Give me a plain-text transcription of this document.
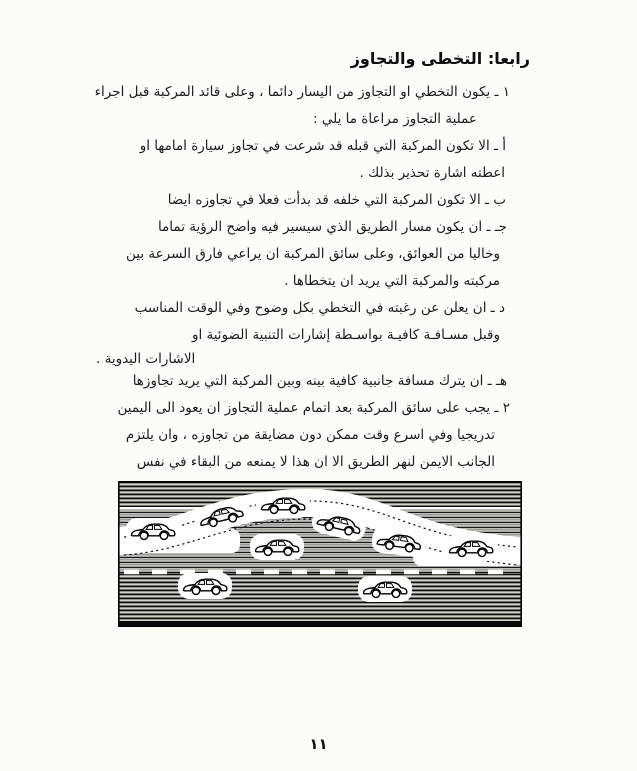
رابعا: التخطى والتجاوز
١ ـ يكون التخطي او التجاوز من اليسار دائما ، وعلى قائد المركبة قبل اجراء
عملية التجاوز مراعاة ما يلي :
أ ـ الا تكون المركبة التي قبله قد شرعت في تجاوز سيارة امامها او
اعطته اشارة تحذير بذلك .
ب ـ الا تكون المركبة التي خلفه قد بدأت فعلا في تجاوزه ايضا
جـ ـ ان يكون مسار الطريق الذي سيسير فيه واضح الرؤية تماما
وخاليا من العوائق، وعلى سائق المركبة ان يراعي فارق السرعة بين
مركبته والمركبة التي يريد ان يتخطاها .
د ـ ان يعلن عن رغبته في التخطي بكل وضوح وفي الوقت المناسب
وقبل مسـافـة كافيـة بواسـطة إشارات التنبية الضوئية او
الاشارات اليدوية .
هـ ـ ان يترك مسافة جانبية كافية بينه وبين المركبة التي يريد تجاوزها
٢ ـ يجب على سائق المركبة بعد اتمام عملية التجاوز ان يعود الى اليمين
تدريجيا وفي اسرع وقت ممكن دون مضايقة من تجاوزه ، وان يلتزم
الجانب الايمن لنهر الطريق الا ان هذا لا يمنعه من البقاء في نفس
١١
